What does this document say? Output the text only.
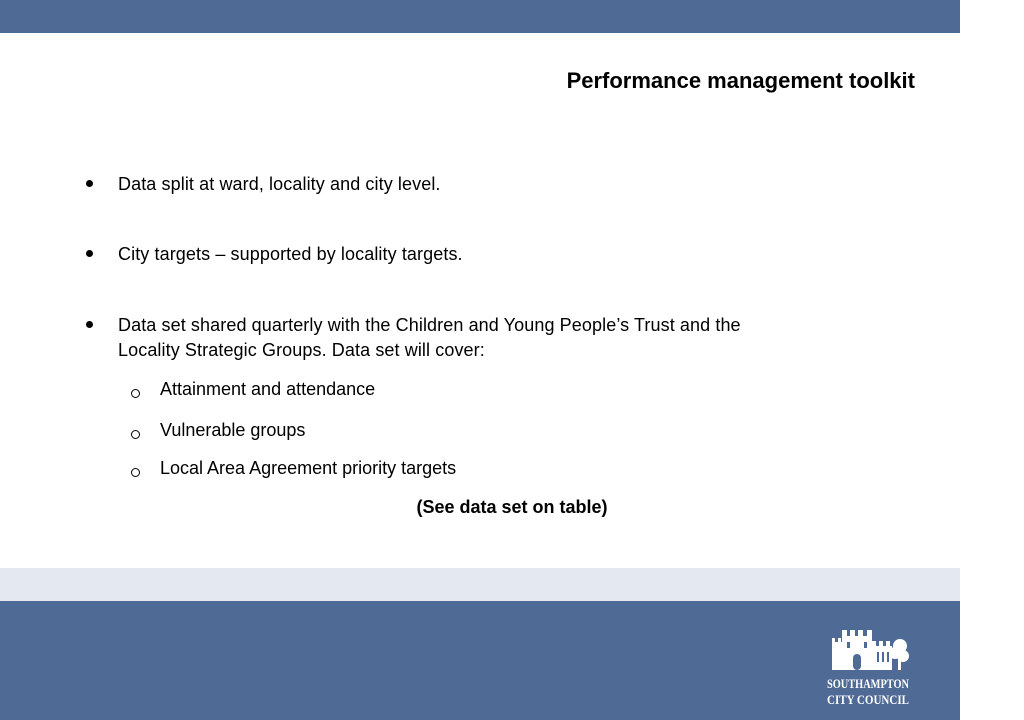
Performance management toolkit
Data split at ward, locality and city level.
City targets – supported by locality targets.
Data set shared quarterly with the Children and Young People’s Trust and the Locality Strategic Groups. Data set will cover:
Attainment and attendance
Vulnerable groups
Local Area Agreement priority targets
(See data set on table)
SOUTHAMPTON
CITY COUNCIL
